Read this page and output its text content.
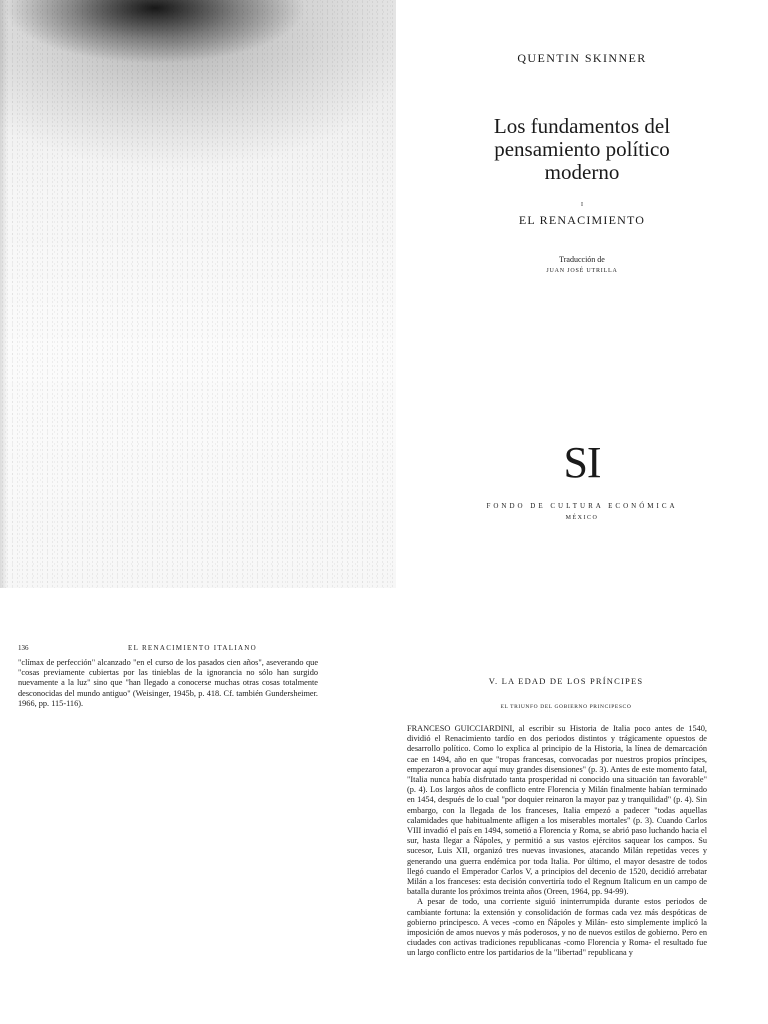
QUENTIN SKINNER
Los fundamentos del
pensamiento político
moderno
I
EL RENACIMIENTO
Traducción de
JUAN JOSÉ UTRILLA
SI
FONDO DE CULTURA ECONÓMICA
MÉXICO
136	EL RENACIMIENTO ITALIANO
"clímax de perfección" alcanzado "en el curso de los pasados cien años", aseverando que "cosas previamente cubiertas por las tinieblas de la ignorancia no sólo han surgido nuevamente a la luz" sino que "han llegado a conocerse muchas otras cosas totalmente desconocidas del mundo antiguo" (Weisinger, 1945b, p. 418. Cf. también Gundersheimer. 1966, pp. 115-116).
V. LA EDAD DE LOS PRÍNCIPES
EL TRIUNFO DEL GOBIERNO PRINCIPESCO

FRANCESO GUICCIARDINI, al escribir su Historia de Italia poco antes de 1540, dividió el Renacimiento tardío en dos periodos distintos y trágicamente opuestos de desarrollo político. Como lo explica al principio de la Historia, la línea de demarcación cae en 1494, año en que "tropas francesas, convocadas por nuestros propios príncipes, empezaron a provocar aquí muy grandes disensiones" (p. 3). Antes de este momento fatal, "Italia nunca había disfrutado tanta prosperidad ni conocido una situación tan favorable" (p. 4). Los largos años de conflicto entre Florencia y Milán finalmente habían terminado en 1454, después de lo cual "por doquier reinaron la mayor paz y tranquilidad" (p. 4). Sin embargo, con la llegada de los franceses, Italia empezó a padecer "todas aquellas calamidades que habitualmente afligen a los miserables mortales" (p. 3). Cuando Carlos VIII invadió el país en 1494, sometió a Florencia y Roma, se abrió paso luchando hacia el sur, hasta llegar a Ñápoles, y permitió a sus vastos ejércitos saquear los campos. Su sucesor, Luis XII, organizó tres nuevas invasiones, atacando Milán repetidas veces y generando una guerra endémica por toda Italia. Por último, el mayor desastre de todos llegó cuando el Emperador Carlos V, a principios del decenio de 1520, decidió arrebatar Milán a los franceses: esta decisión convertiría todo el Regnum Italicum en un campo de batalla durante los próximos treinta años (Oreen, 1964, pp. 94-99).

A pesar de todo, una corriente siguió ininterrumpida durante estos periodos de cambiante fortuna: la extensión y consolidación de formas cada vez más despóticas de gobierno principesco. A veces -como en Ñápoles y Milán- esto simplemente implicó la imposición de amos nuevos y más poderosos, y no de nuevos estilos de gobierno. Pero en ciudades con activas tradiciones republicanas -como Florencia y Roma- el resultado fue un largo conflicto entre los partidarios de la "libertad" republicana y
